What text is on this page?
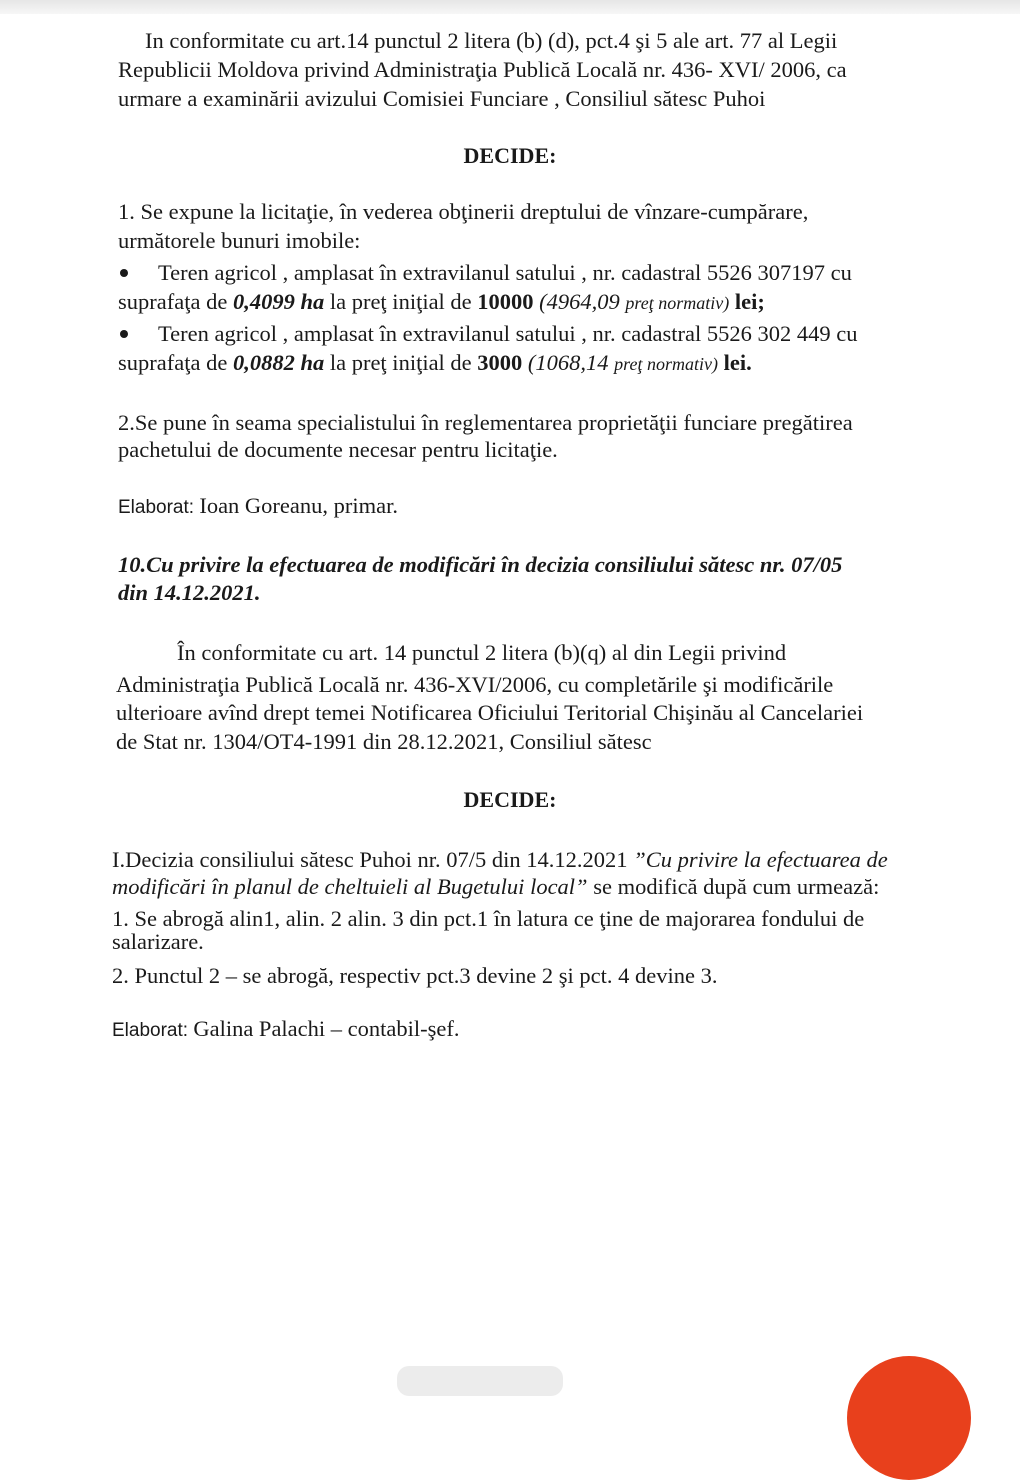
In conformitate cu art.14 punctul 2 litera (b) (d), pct.4 şi 5 ale art. 77 al Legii

Republicii Moldova privind Administraţia Publică Locală nr. 436- XVI/ 2006, ca

urmare a examinării avizului Comisiei Funciare , Consiliul sătesc Puhoi

DECIDE:

1. Se expune la licitaţie, în vederea obţinerii dreptului de vînzare-cumpărare,

următorele bunuri imobile:

Teren agricol , amplasat în extravilanul satului , nr. cadastral 5526 307197 cu

suprafaţa de 0,4099 ha la preţ iniţial de 10000 (4964,09 preţ normativ) lei;

Teren agricol , amplasat în extravilanul satului , nr. cadastral 5526 302 449 cu

suprafaţa de 0,0882 ha la preţ iniţial de 3000 (1068,14 preţ normativ) lei.

2.Se pune în seama specialistului în reglementarea proprietăţii funciare pregătirea

pachetului de documente necesar pentru licitaţie.

Elaborat: Ioan Goreanu, primar.

10.Cu privire la efectuarea de modificări în decizia consiliului sătesc nr. 07/05

din 14.12.2021.

În conformitate cu art. 14 punctul 2 litera (b)(q) al din Legii privind

Administraţia Publică Locală nr. 436-XVI/2006, cu completările şi modificările

ulterioare avînd drept temei Notificarea Oficiului Teritorial Chişinău al Cancelariei

de Stat nr. 1304/OT4-1991 din 28.12.2021, Consiliul sătesc

DECIDE:

I.Decizia consiliului sătesc Puhoi nr. 07/5 din 14.12.2021 ”Cu privire la efectuarea de

modificări în planul de cheltuieli al Bugetului local” se modifică după cum urmează:

1. Se abrogă alin1, alin. 2 alin. 3 din pct.1 în latura ce ţine de majorarea fondului de

salarizare.

2. Punctul 2 – se abrogă, respectiv pct.3 devine 2 şi pct. 4 devine 3.

Elaborat: Galina Palachi – contabil-şef.
